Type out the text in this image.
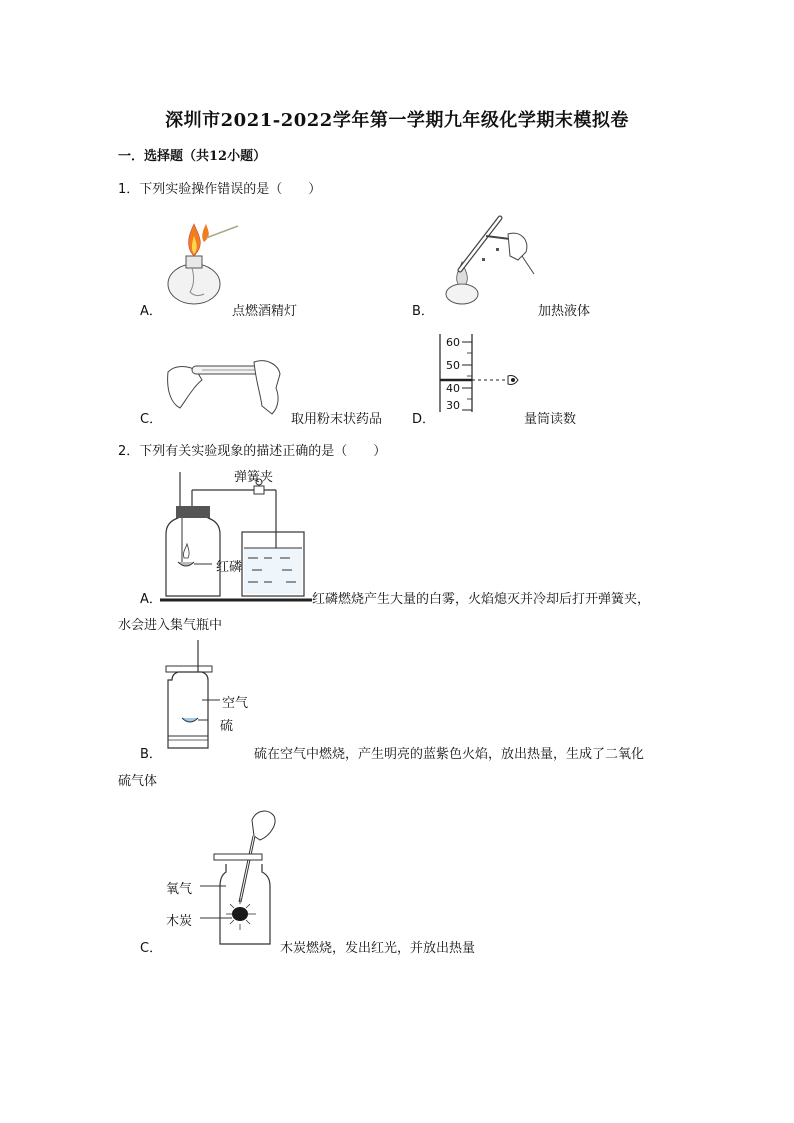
深圳市2021-2022学年第一学期九年级化学期末模拟卷
一．选择题（共12小题）
1．下列实验操作错误的是（　　）
A．	点燃酒精灯	B．	加热液体
C．	取用粉末状药品
60
50
40
30
D．	量筒读数
2．下列有关实验现象的描述正确的是（　　）
弹簧夹
红磷
A．	红磷燃烧产生大量的白雾，火焰熄灭并冷却后打开弹簧夹，
水会进入集气瓶中
空气
硫
B．	硫在空气中燃烧，产生明亮的蓝紫色火焰，放出热量，生成了二氧化
硫气体
氧气
木炭
C．	木炭燃烧，发出红光，并放出热量
